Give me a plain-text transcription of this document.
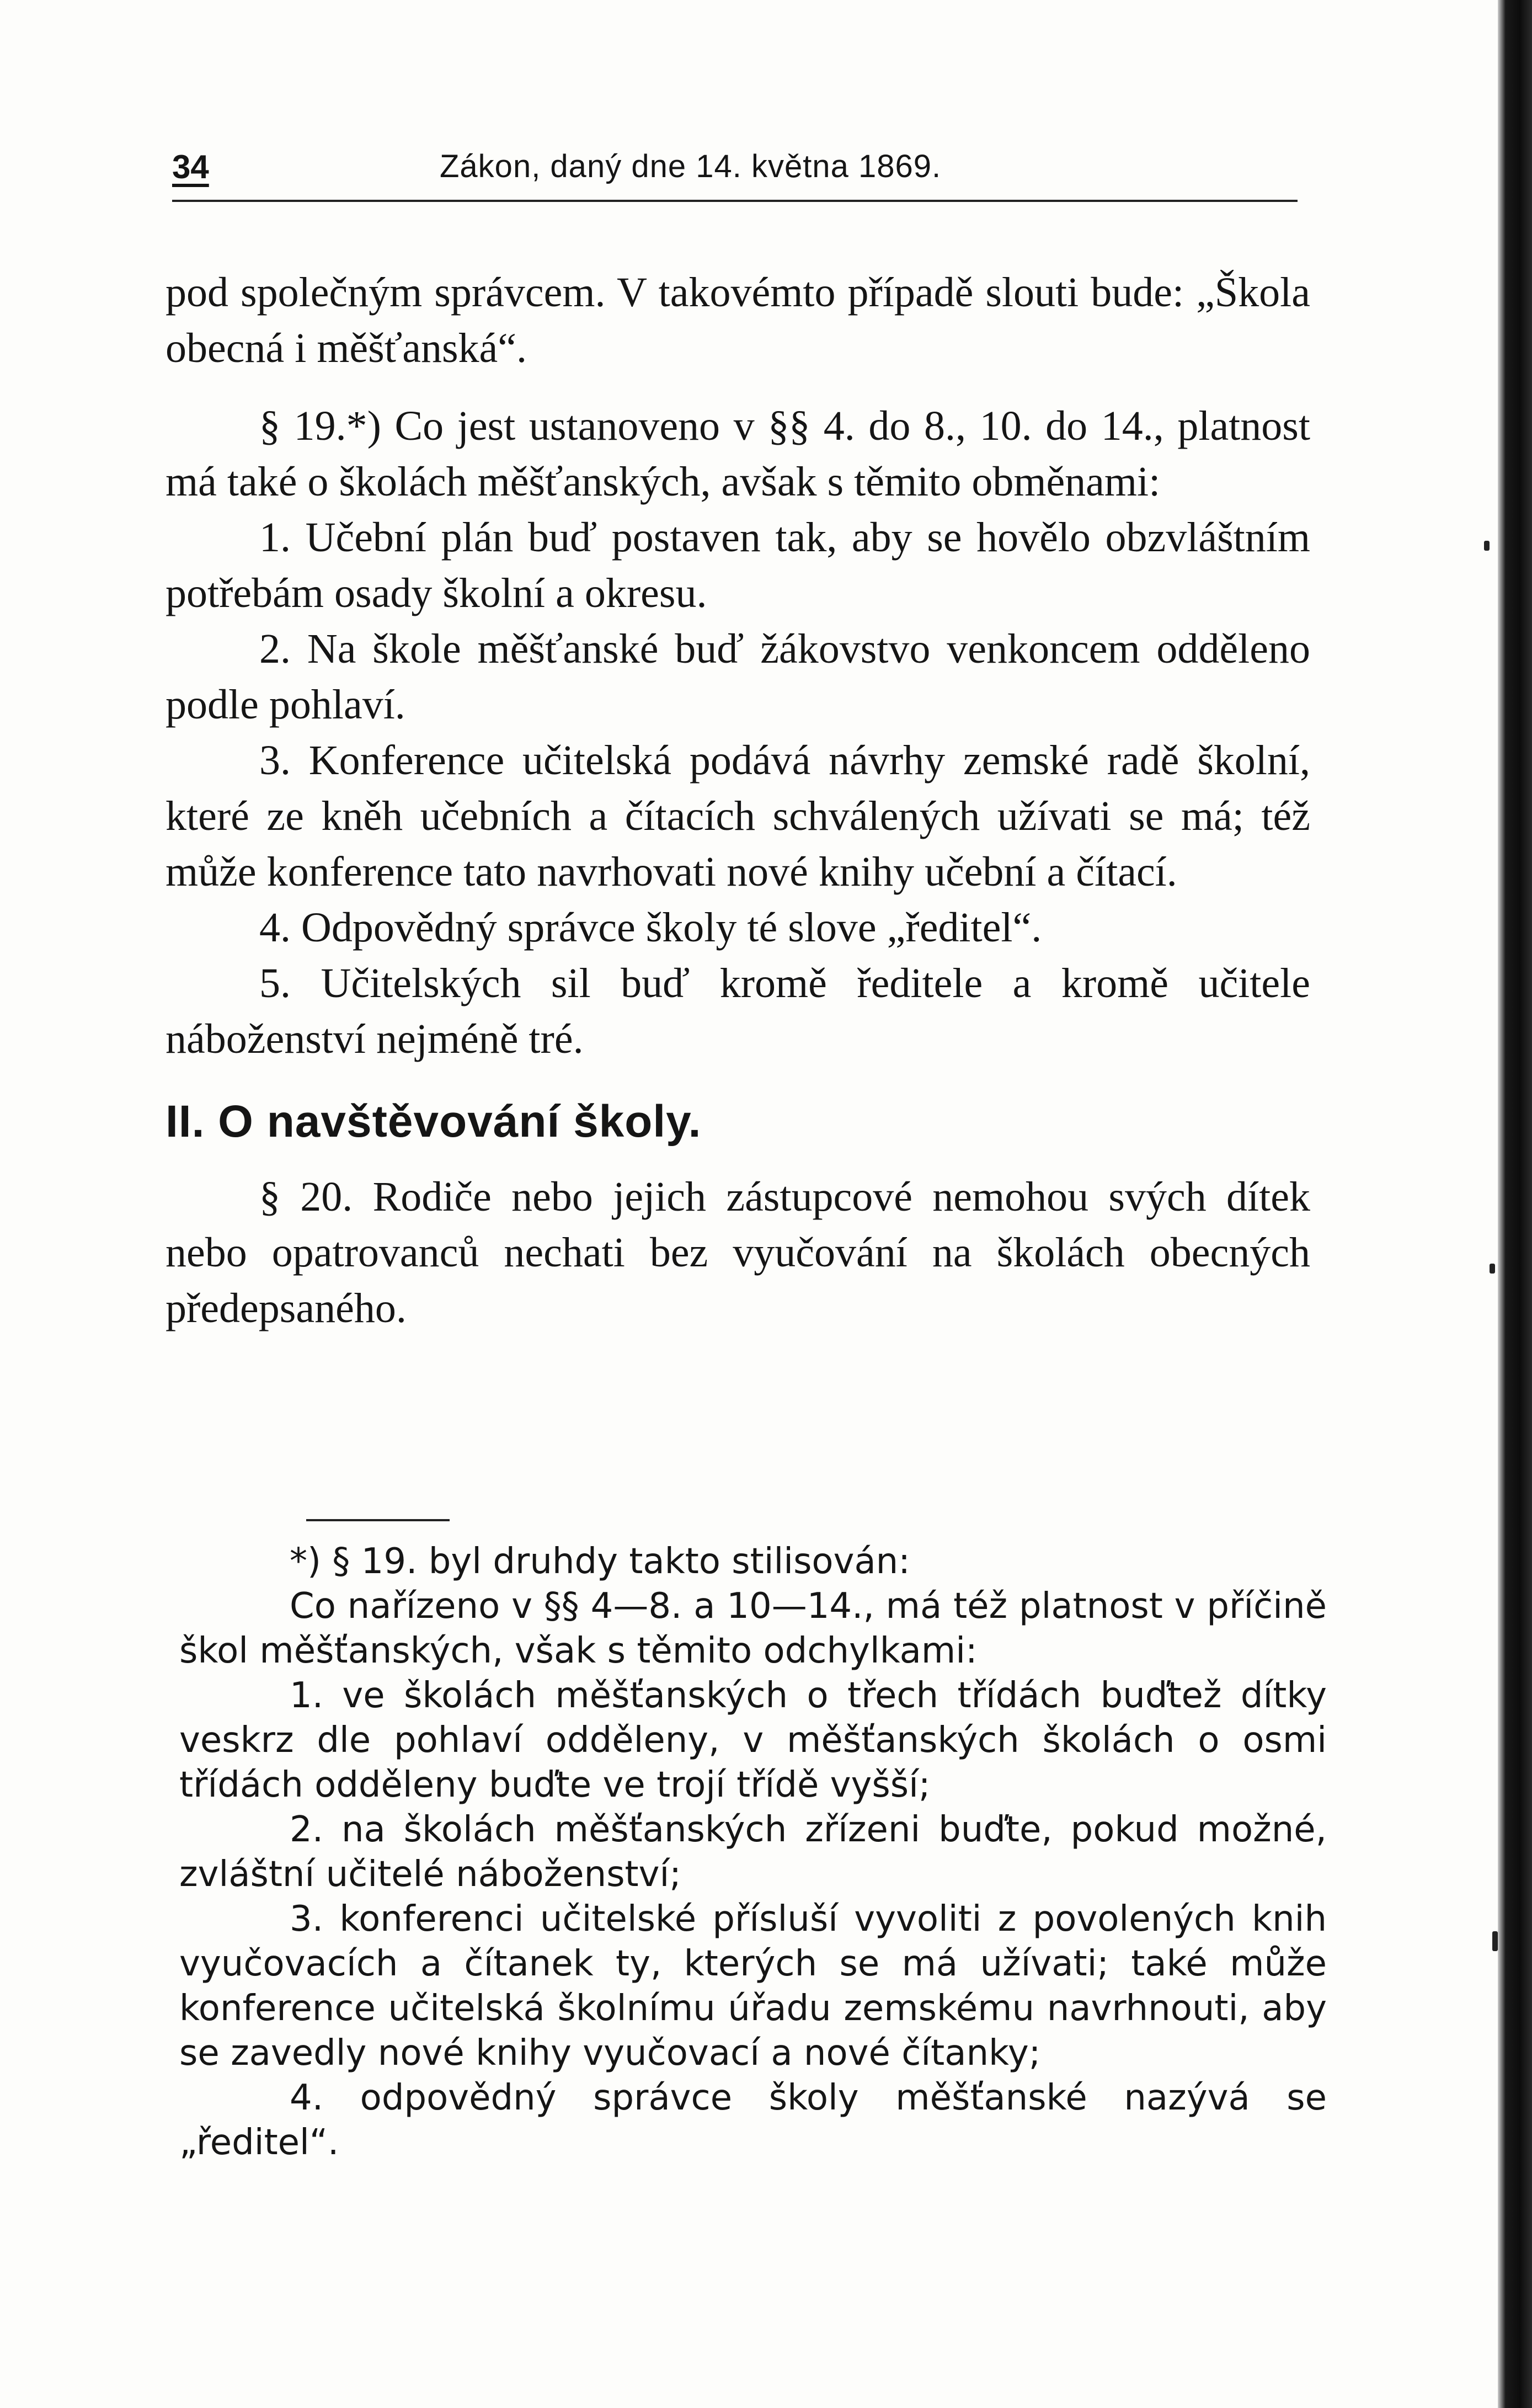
34	Zákon, daný dne 14. května 1869.

pod společným správcem. V takovémto případě slouti bude: „Škola obecná i měšťanská“.

§ 19.*) Co jest ustanoveno v §§ 4. do 8., 10. do 14., platnost má také o školách měšťanských, avšak s těmito obměnami:

1. Učební plán buď postaven tak, aby se hovělo obzvláštním potřebám osady školní a okresu.

2. Na škole měšťanské buď žákovstvo venkoncem odděleno podle pohlaví.

3. Konference učitelská podává návrhy zemské radě školní, které ze kněh učebních a čítacích schválených užívati se má; též může konference tato navrhovati nové knihy učební a čítací.

4. Odpovědný správce školy té slove „ředitel“.

5. Učitelských sil buď kromě ředitele a kromě učitele náboženství nejméně tré.

II. O navštěvování školy.

§ 20. Rodiče nebo jejich zástupcové nemohou svých dítek nebo opatrovanců nechati bez vyučování na školách obecných předepsaného.

*) § 19. byl druhdy takto stilisován:

Co nařízeno v §§ 4—8. a 10—14., má též platnost v příčině škol měšťanských, však s těmito odchylkami:

1. ve školách měšťanských o třech třídách buďtež dítky veskrz dle pohlaví odděleny, v měšťanských školách o osmi třídách odděleny buďte ve trojí třídě vyšší;

2. na školách měšťanských zřízeni buďte, pokud možné, zvláštní učitelé náboženství;

3. konferenci učitelské přísluší vyvoliti z povolených knih vyučovacích a čítanek ty, kterých se má užívati; také může konference učitelská školnímu úřadu zemskému navrhnouti, aby se zavedly nové knihy vyučovací a nové čítanky;

4. odpovědný správce školy měšťanské nazývá se „ředitel“.
